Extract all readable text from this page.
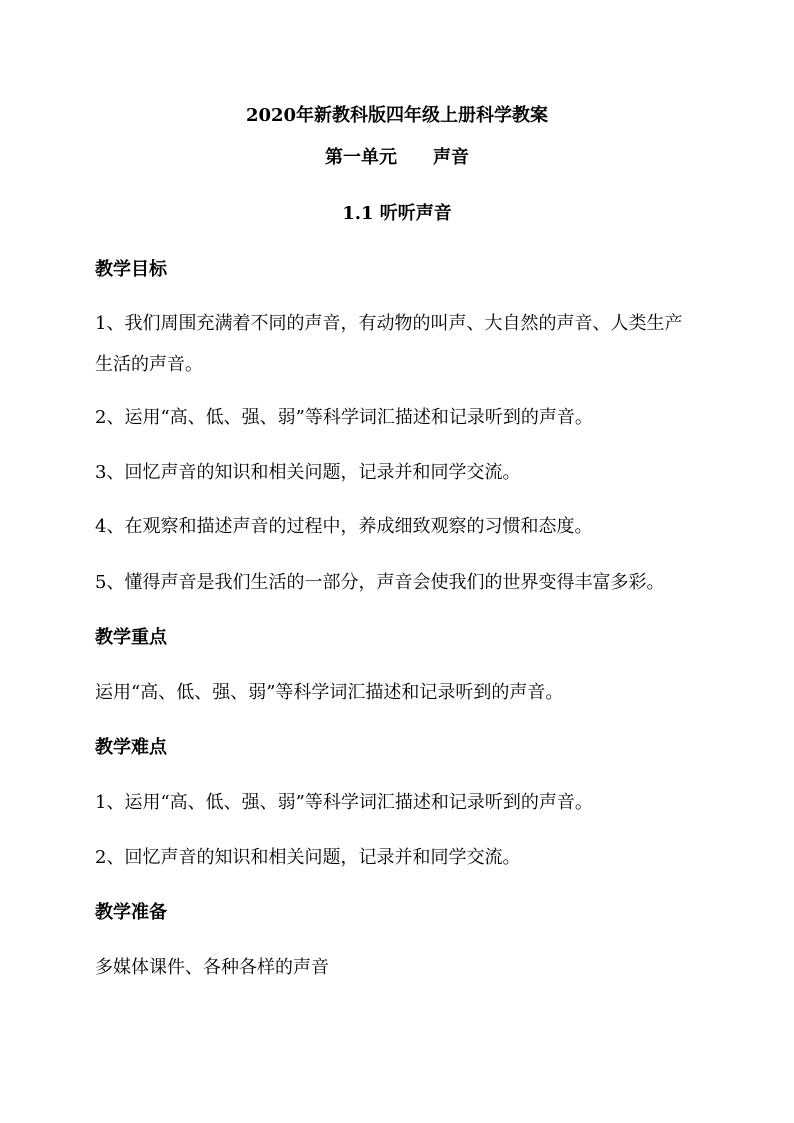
2020年新教科版四年级上册科学教案
第一单元 声音
1.1 听听声音
教学目标
1、我们周围充满着不同的声音，有动物的叫声、大自然的声音、人类生产
生活的声音。
2、运用“高、低、强、弱”等科学词汇描述和记录听到的声音。
3、回忆声音的知识和相关问题，记录并和同学交流。
4、在观察和描述声音的过程中，养成细致观察的习惯和态度。
5、懂得声音是我们生活的一部分，声音会使我们的世界变得丰富多彩。
教学重点
运用“高、低、强、弱”等科学词汇描述和记录听到的声音。
教学难点
1、运用“高、低、强、弱”等科学词汇描述和记录听到的声音。
2、回忆声音的知识和相关问题，记录并和同学交流。
教学准备
多媒体课件、各种各样的声音
